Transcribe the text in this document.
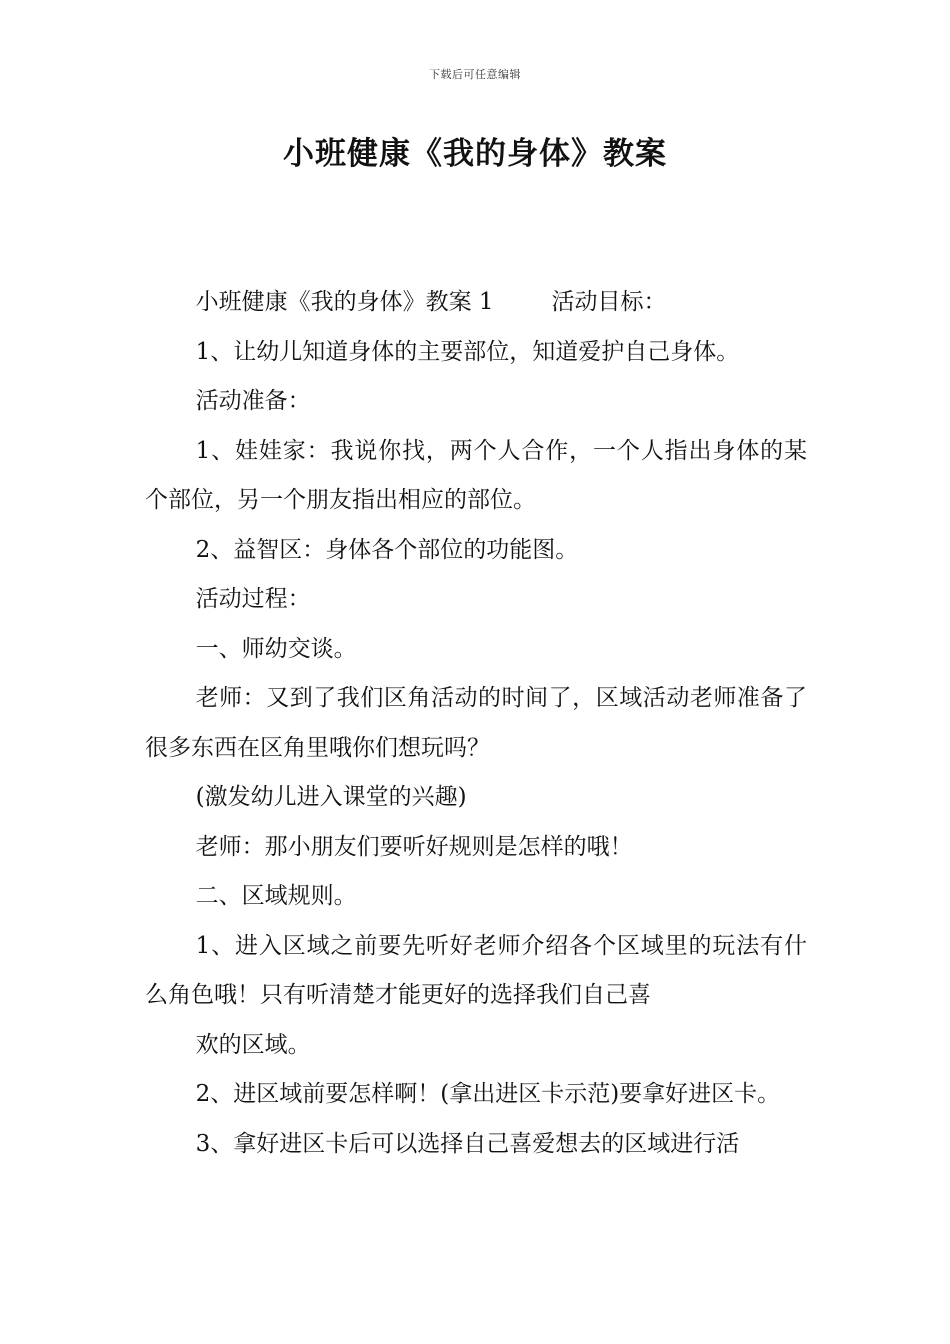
下载后可任意编辑
小班健康《我的身体》教案

小班健康《我的身体》教案 1	活动目标：

1、让幼儿知道身体的主要部位，知道爱护自己身体。

活动准备：

1、娃娃家：我说你找，两个人合作，一个人指出身体的某个部位，另一个朋友指出相应的部位。

2、益智区：身体各个部位的功能图。

活动过程：

一、师幼交谈。

老师：又到了我们区角活动的时间了，区域活动老师准备了很多东西在区角里哦你们想玩吗？

(激发幼儿进入课堂的兴趣)

老师：那小朋友们要听好规则是怎样的哦！

二、区域规则。

1、进入区域之前要先听好老师介绍各个区域里的玩法有什么角色哦！只有听清楚才能更好的选择我们自己喜

欢的区域。

2、进区域前要怎样啊！(拿出进区卡示范)要拿好进区卡。

3、拿好进区卡后可以选择自己喜爱想去的区域进行活
